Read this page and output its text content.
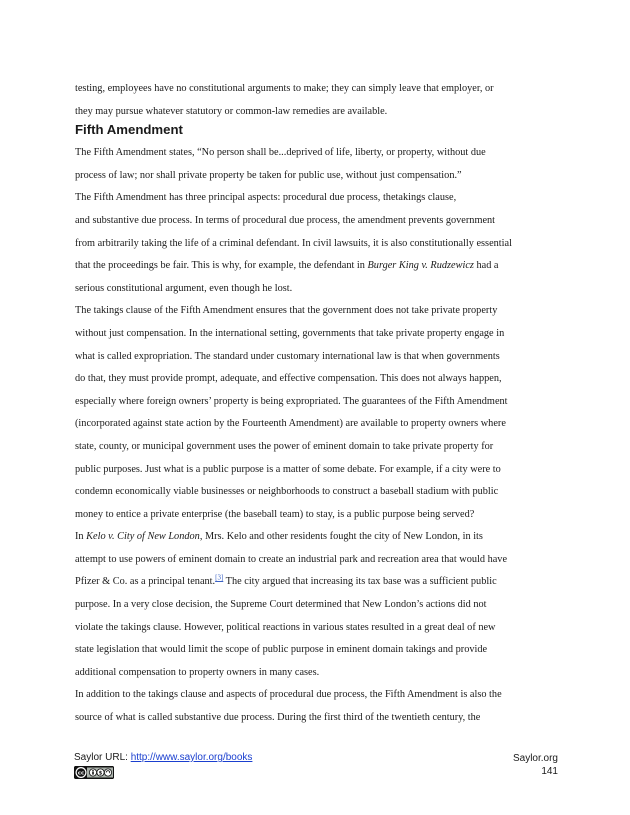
testing, employees have no constitutional arguments to make; they can simply leave that employer, or
they may pursue whatever statutory or common-law remedies are available.
Fifth Amendment
The Fifth Amendment states, “No person shall be...deprived of life, liberty, or property, without due
process of law; nor shall private property be taken for public use, without just compensation.”
The Fifth Amendment has three principal aspects: procedural due process, thetakings clause,
and substantive due process. In terms of procedural due process, the amendment prevents government
from arbitrarily taking the life of a criminal defendant. In civil lawsuits, it is also constitutionally essential
that the proceedings be fair. This is why, for example, the defendant in Burger King v. Rudzewicz had a
serious constitutional argument, even though he lost.
The takings clause of the Fifth Amendment ensures that the government does not take private property
without just compensation. In the international setting, governments that take private property engage in
what is called expropriation. The standard under customary international law is that when governments
do that, they must provide prompt, adequate, and effective compensation. This does not always happen,
especially where foreign owners’ property is being expropriated. The guarantees of the Fifth Amendment
(incorporated against state action by the Fourteenth Amendment) are available to property owners where
state, county, or municipal government uses the power of eminent domain to take private property for
public purposes. Just what is a public purpose is a matter of some debate. For example, if a city were to
condemn economically viable businesses or neighborhoods to construct a baseball stadium with public
money to entice a private enterprise (the baseball team) to stay, is a public purpose being served?
In Kelo v. City of New London, Mrs. Kelo and other residents fought the city of New London, in its
attempt to use powers of eminent domain to create an industrial park and recreation area that would have
Pfizer & Co. as a principal tenant.[3] The city argued that increasing its tax base was a sufficient public
purpose. In a very close decision, the Supreme Court determined that New London’s actions did not
violate the takings clause. However, political reactions in various states resulted in a great deal of new
state legislation that would limit the scope of public purpose in eminent domain takings and provide
additional compensation to property owners in many cases.
In addition to the takings clause and aspects of procedural due process, the Fifth Amendment is also the
source of what is called substantive due process. During the first third of the twentieth century, the
Saylor URL: http://www.saylor.org/books
cc	$
Saylor.org
141
